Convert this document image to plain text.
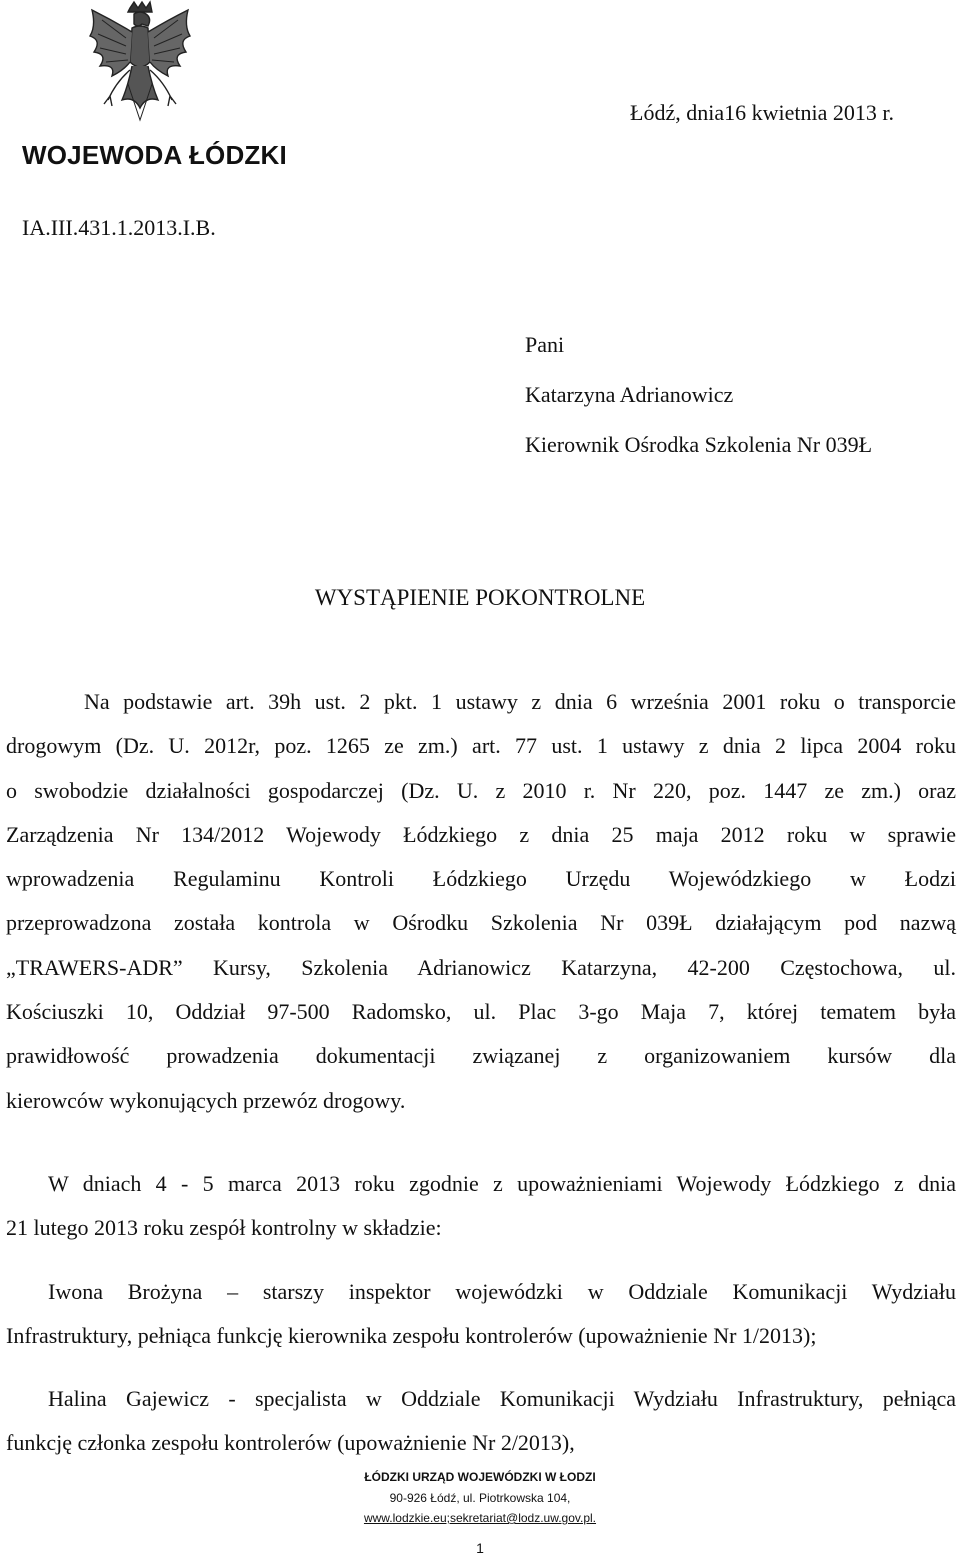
WOJEWODA ŁÓDZKI
Łódź, dnia16 kwietnia 2013 r.
IA.III.431.1.2013.I.B.
Pani
Katarzyna Adrianowicz
Kierownik Ośrodka Szkolenia Nr 039Ł
WYSTĄPIENIE POKONTROLNE
Na podstawie art. 39h ust. 2 pkt. 1 ustawy z dnia 6 września 2001 roku o transporcie
drogowym (Dz. U. 2012r, poz. 1265 ze zm.) art. 77 ust. 1 ustawy z dnia 2 lipca 2004 roku
o swobodzie działalności gospodarczej (Dz. U. z 2010 r. Nr 220, poz. 1447 ze zm.) oraz
Zarządzenia Nr 134/2012 Wojewody Łódzkiego z dnia 25 maja 2012 roku w sprawie
wprowadzenia Regulaminu Kontroli Łódzkiego Urzędu Wojewódzkiego w Łodzi
przeprowadzona została kontrola w Ośrodku Szkolenia Nr 039Ł działającym pod nazwą
„TRAWERS-ADR” Kursy, Szkolenia Adrianowicz Katarzyna, 42-200 Częstochowa, ul.
Kościuszki 10, Oddział 97-500 Radomsko, ul. Plac 3-go Maja 7, której tematem była
prawidłowość prowadzenia dokumentacji związanej z organizowaniem kursów dla
kierowców wykonujących przewóz drogowy.
W dniach 4 - 5 marca 2013 roku zgodnie z upoważnieniami Wojewody Łódzkiego z dnia
21 lutego 2013 roku zespół kontrolny w składzie:
Iwona Brożyna – starszy inspektor wojewódzki w Oddziale Komunikacji Wydziału
Infrastruktury, pełniąca funkcję kierownika zespołu kontrolerów (upoważnienie Nr 1/2013);
Halina Gajewicz - specjalista w Oddziale Komunikacji Wydziału Infrastruktury, pełniąca
funkcję członka zespołu kontrolerów (upoważnienie Nr 2/2013),
ŁÓDZKI URZĄD WOJEWÓDZKI W ŁODZI
90-926 Łódź, ul. Piotrkowska 104,
www.lodzkie.eu;sekretariat@lodz.uw.gov.pl.
1
